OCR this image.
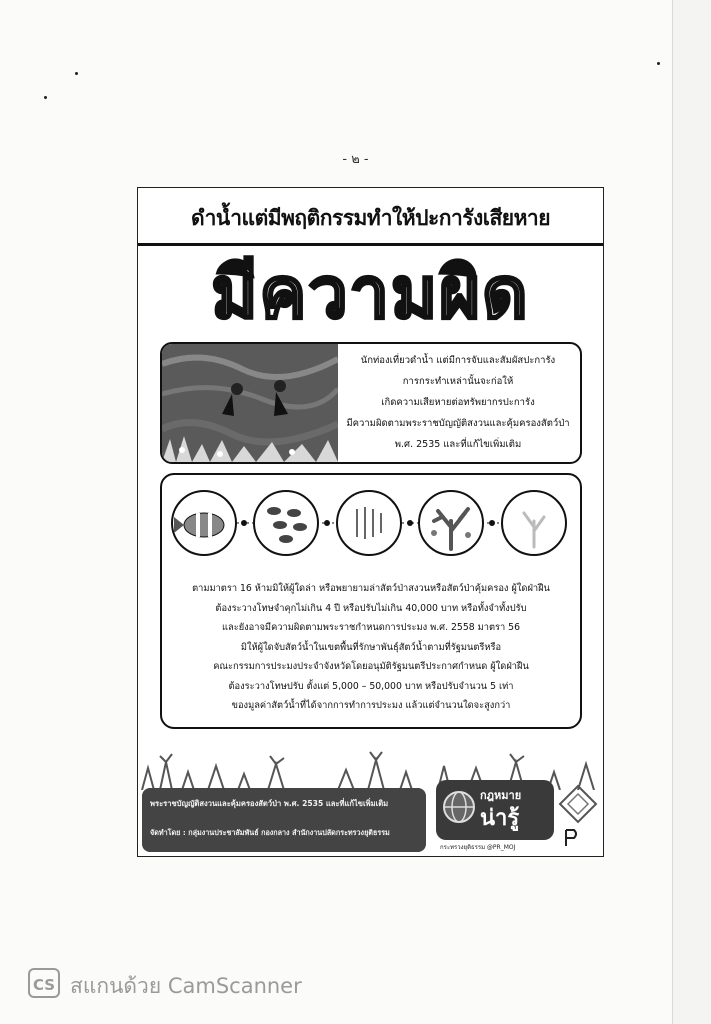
- ๒ -
ดำน้ำแต่มีพฤติกรรมทำให้ปะการังเสียหาย
มีความผิด
นักท่องเที่ยวดำน้ำ แต่มีการจับและสัมผัสปะการัง
การกระทำเหล่านั้นจะก่อให้
เกิดความเสียหายต่อทรัพยากรปะการัง
มีความผิดตามพระราชบัญญัติสงวนและคุ้มครองสัตว์ป่า
พ.ศ. 2535 และที่แก้ไขเพิ่มเติม
ตามมาตรา 16 ห้ามมิให้ผู้ใดล่า หรือพยายามล่าสัตว์ป่าสงวนหรือสัตว์ป่าคุ้มครอง ผู้ใดฝ่าฝืน
ต้องระวางโทษจำคุกไม่เกิน 4 ปี หรือปรับไม่เกิน 40,000 บาท หรือทั้งจำทั้งปรับ
และยังอาจมีความผิดตามพระราชกำหนดการประมง พ.ศ. 2558 มาตรา 56
มิให้ผู้ใดจับสัตว์น้ำในเขตพื้นที่รักษาพันธุ์สัตว์น้ำตามที่รัฐมนตรีหรือ
คณะกรรมการประมงประจำจังหวัดโดยอนุมัติรัฐมนตรีประกาศกำหนด ผู้ใดฝ่าฝืน
ต้องระวางโทษปรับ ตั้งแต่ 5,000 – 50,000 บาท หรือปรับจำนวน 5 เท่า
ของมูลค่าสัตว์น้ำที่ได้จากการทำการประมง แล้วแต่จำนวนใดจะสูงกว่า
พระราชบัญญัติสงวนและคุ้มครองสัตว์ป่า พ.ศ. 2535 และที่แก้ไขเพิ่มเติม
จัดทำโดย : กลุ่มงานประชาสัมพันธ์ กองกลาง สำนักงานปลัดกระทรวงยุติธรรม
กฎหมาย
น่ารู้
กระทรวงยุติธรรม @PR_MOJ
CS สแกนด้วย CamScanner
